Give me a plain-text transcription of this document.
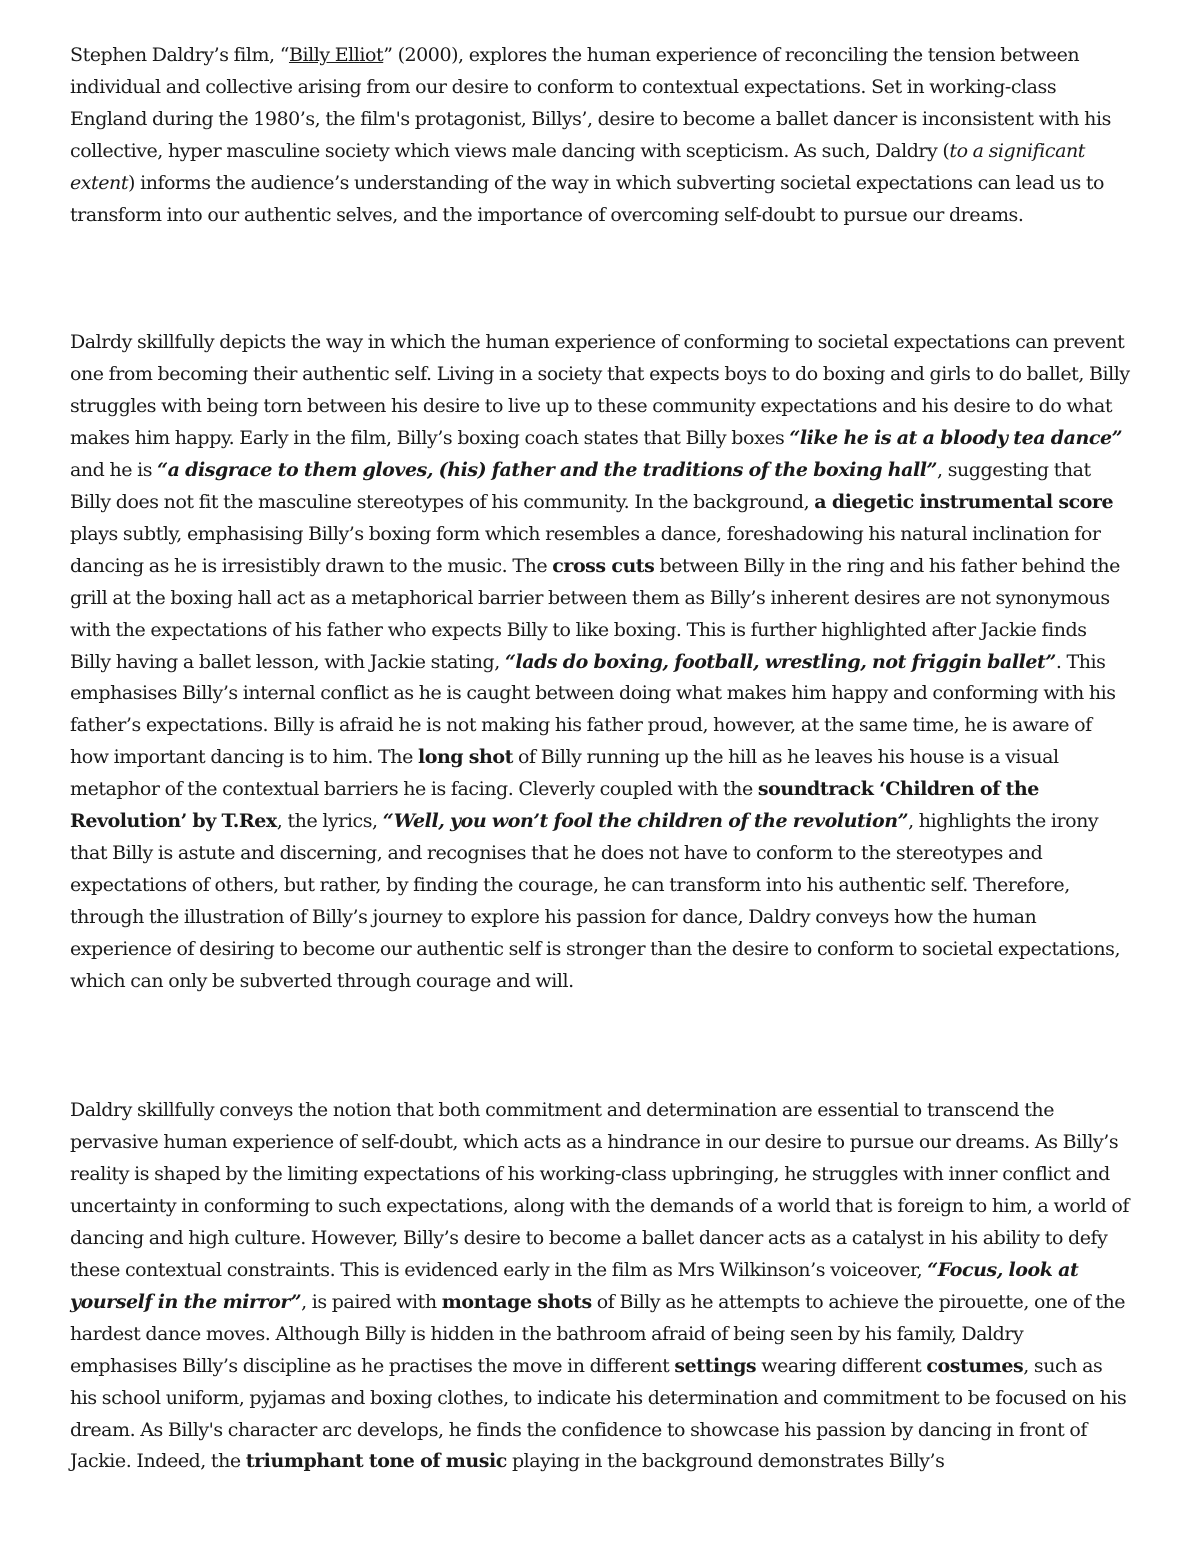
Stephen Daldry’s film, “Billy Elliot” (2000), explores the human experience of reconciling the tension between individual and collective arising from our desire to conform to contextual expectations. Set in working-class England during the 1980’s, the film's protagonist, Billys’, desire to become a ballet dancer is inconsistent with his collective, hyper masculine society which views male dancing with scepticism. As such, Daldry (to a significant extent) informs the audience’s understanding of the way in which subverting societal expectations can lead us to transform into our authentic selves, and the importance of overcoming self-doubt to pursue our dreams.

Dalrdy skillfully depicts the way in which the human experience of conforming to societal expectations can prevent one from becoming their authentic self. Living in a society that expects boys to do boxing and girls to do ballet, Billy struggles with being torn between his desire to live up to these community expectations and his desire to do what makes him happy. Early in the film, Billy’s boxing coach states that Billy boxes “like he is at a bloody tea dance” and he is “a disgrace to them gloves, (his) father and the traditions of the boxing hall”, suggesting that Billy does not fit the masculine stereotypes of his community. In the background, a diegetic instrumental score plays subtly, emphasising Billy’s boxing form which resembles a dance, foreshadowing his natural inclination for dancing as he is irresistibly drawn to the music. The cross cuts between Billy in the ring and his father behind the grill at the boxing hall act as a metaphorical barrier between them as Billy’s inherent desires are not synonymous with the expectations of his father who expects Billy to like boxing. This is further highlighted after Jackie finds Billy having a ballet lesson, with Jackie stating, “lads do boxing, football, wrestling, not friggin ballet”. This emphasises Billy’s internal conflict as he is caught between doing what makes him happy and conforming with his father’s expectations. Billy is afraid he is not making his father proud, however, at the same time, he is aware of how important dancing is to him. The long shot of Billy running up the hill as he leaves his house is a visual metaphor of the contextual barriers he is facing. Cleverly coupled with the soundtrack ‘Children of the Revolution’ by T.Rex, the lyrics, “Well, you won’t fool the children of the revolution”, highlights the irony that Billy is astute and discerning, and recognises that he does not have to conform to the stereotypes and expectations of others, but rather, by finding the courage, he can transform into his authentic self. Therefore, through the illustration of Billy’s journey to explore his passion for dance, Daldry conveys how the human experience of desiring to become our authentic self is stronger than the desire to conform to societal expectations, which can only be subverted through courage and will.

Daldry skillfully conveys the notion that both commitment and determination are essential to transcend the pervasive human experience of self-doubt, which acts as a hindrance in our desire to pursue our dreams. As Billy’s reality is shaped by the limiting expectations of his working-class upbringing, he struggles with inner conflict and uncertainty in conforming to such expectations, along with the demands of a world that is foreign to him, a world of dancing and high culture. However, Billy’s desire to become a ballet dancer acts as a catalyst in his ability to defy these contextual constraints. This is evidenced early in the film as Mrs Wilkinson’s voiceover, “Focus, look at yourself in the mirror”, is paired with montage shots of Billy as he attempts to achieve the pirouette, one of the hardest dance moves. Although Billy is hidden in the bathroom afraid of being seen by his family, Daldry emphasises Billy’s discipline as he practises the move in different settings wearing different costumes, such as his school uniform, pyjamas and boxing clothes, to indicate his determination and commitment to be focused on his dream. As Billy's character arc develops, he finds the confidence to showcase his passion by dancing in front of Jackie. Indeed, the triumphant tone of music playing in the background demonstrates Billy’s
